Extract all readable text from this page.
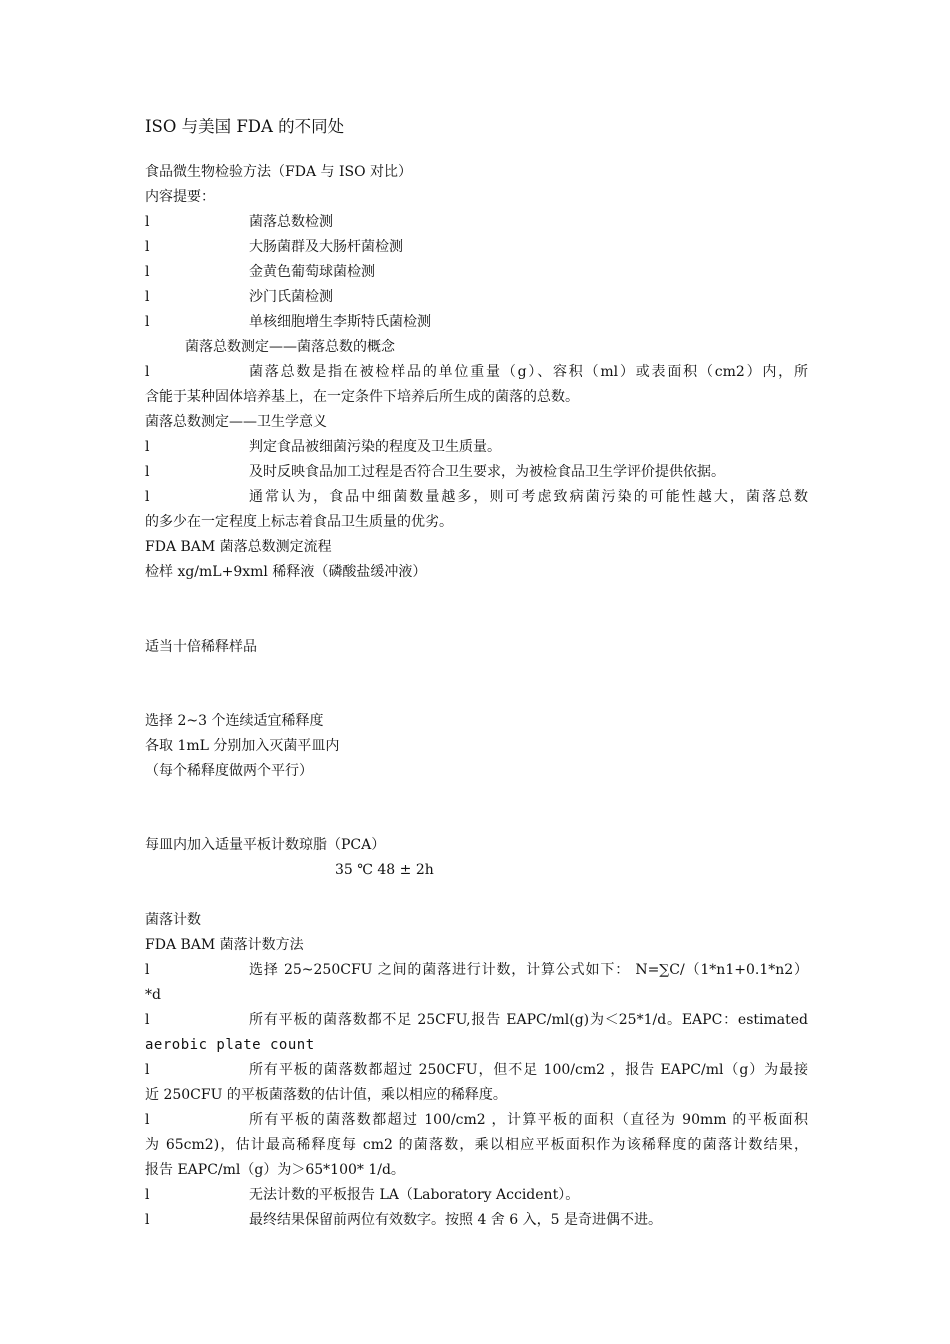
ISO 与美国 FDA 的不同处
食品微生物检验方法（FDA 与 ISO 对比）
内容提要：
l	菌落总数检测
l	大肠菌群及大肠杆菌检测
l	金黄色葡萄球菌检测
l	沙门氏菌检测
l	单核细胞增生李斯特氏菌检测
菌落总数测定——菌落总数的概念
l	菌落总数是指在被检样品的单位重量（g）、容积（ml）或表面积（cm2）内，所
含能于某种固体培养基上，在一定条件下培养后所生成的菌落的总数。
菌落总数测定——卫生学意义
l	判定食品被细菌污染的程度及卫生质量。
l	及时反映食品加工过程是否符合卫生要求，为被检食品卫生学评价提供依据。
l	通常认为，食品中细菌数量越多，则可考虑致病菌污染的可能性越大，菌落总数
的多少在一定程度上标志着食品卫生质量的优劣。
FDA BAM 菌落总数测定流程
检样 xg/mL+9xml 稀释液（磷酸盐缓冲液）
适当十倍稀释样品
选择 2~3 个连续适宜稀释度
各取 1mL 分别加入灭菌平皿内
（每个稀释度做两个平行）
每皿内加入适量平板计数琼脂（PCA）
35 ℃ 48 ± 2h
菌落计数
FDA BAM 菌落计数方法
l	选择 25~250CFU 之间的菌落进行计数，计算公式如下： N=∑C/（1*n1+0.1*n2）
*d
l	所有平板的菌落数都不足 25CFU,报告 EAPC/ml(g)为＜25*1/d。EAPC：estimated
aerobic plate count
l	所有平板的菌落数都超过 250CFU，但不足 100/cm2 ，报告 EAPC/ml（g）为最接
近 250CFU 的平板菌落数的估计值，乘以相应的稀释度。
l	所有平板的菌落数都超过 100/cm2 ，计算平板的面积（直径为 90mm 的平板面积
为 65cm2)，估计最高稀释度每 cm2 的菌落数，乘以相应平板面积作为该稀释度的菌落计数结果，
报告 EAPC/ml（g）为＞65*100* 1/d。
l	无法计数的平板报告 LA（Laboratory Accident）。
l	最终结果保留前两位有效数字。按照 4 舍 6 入，5 是奇进偶不进。
